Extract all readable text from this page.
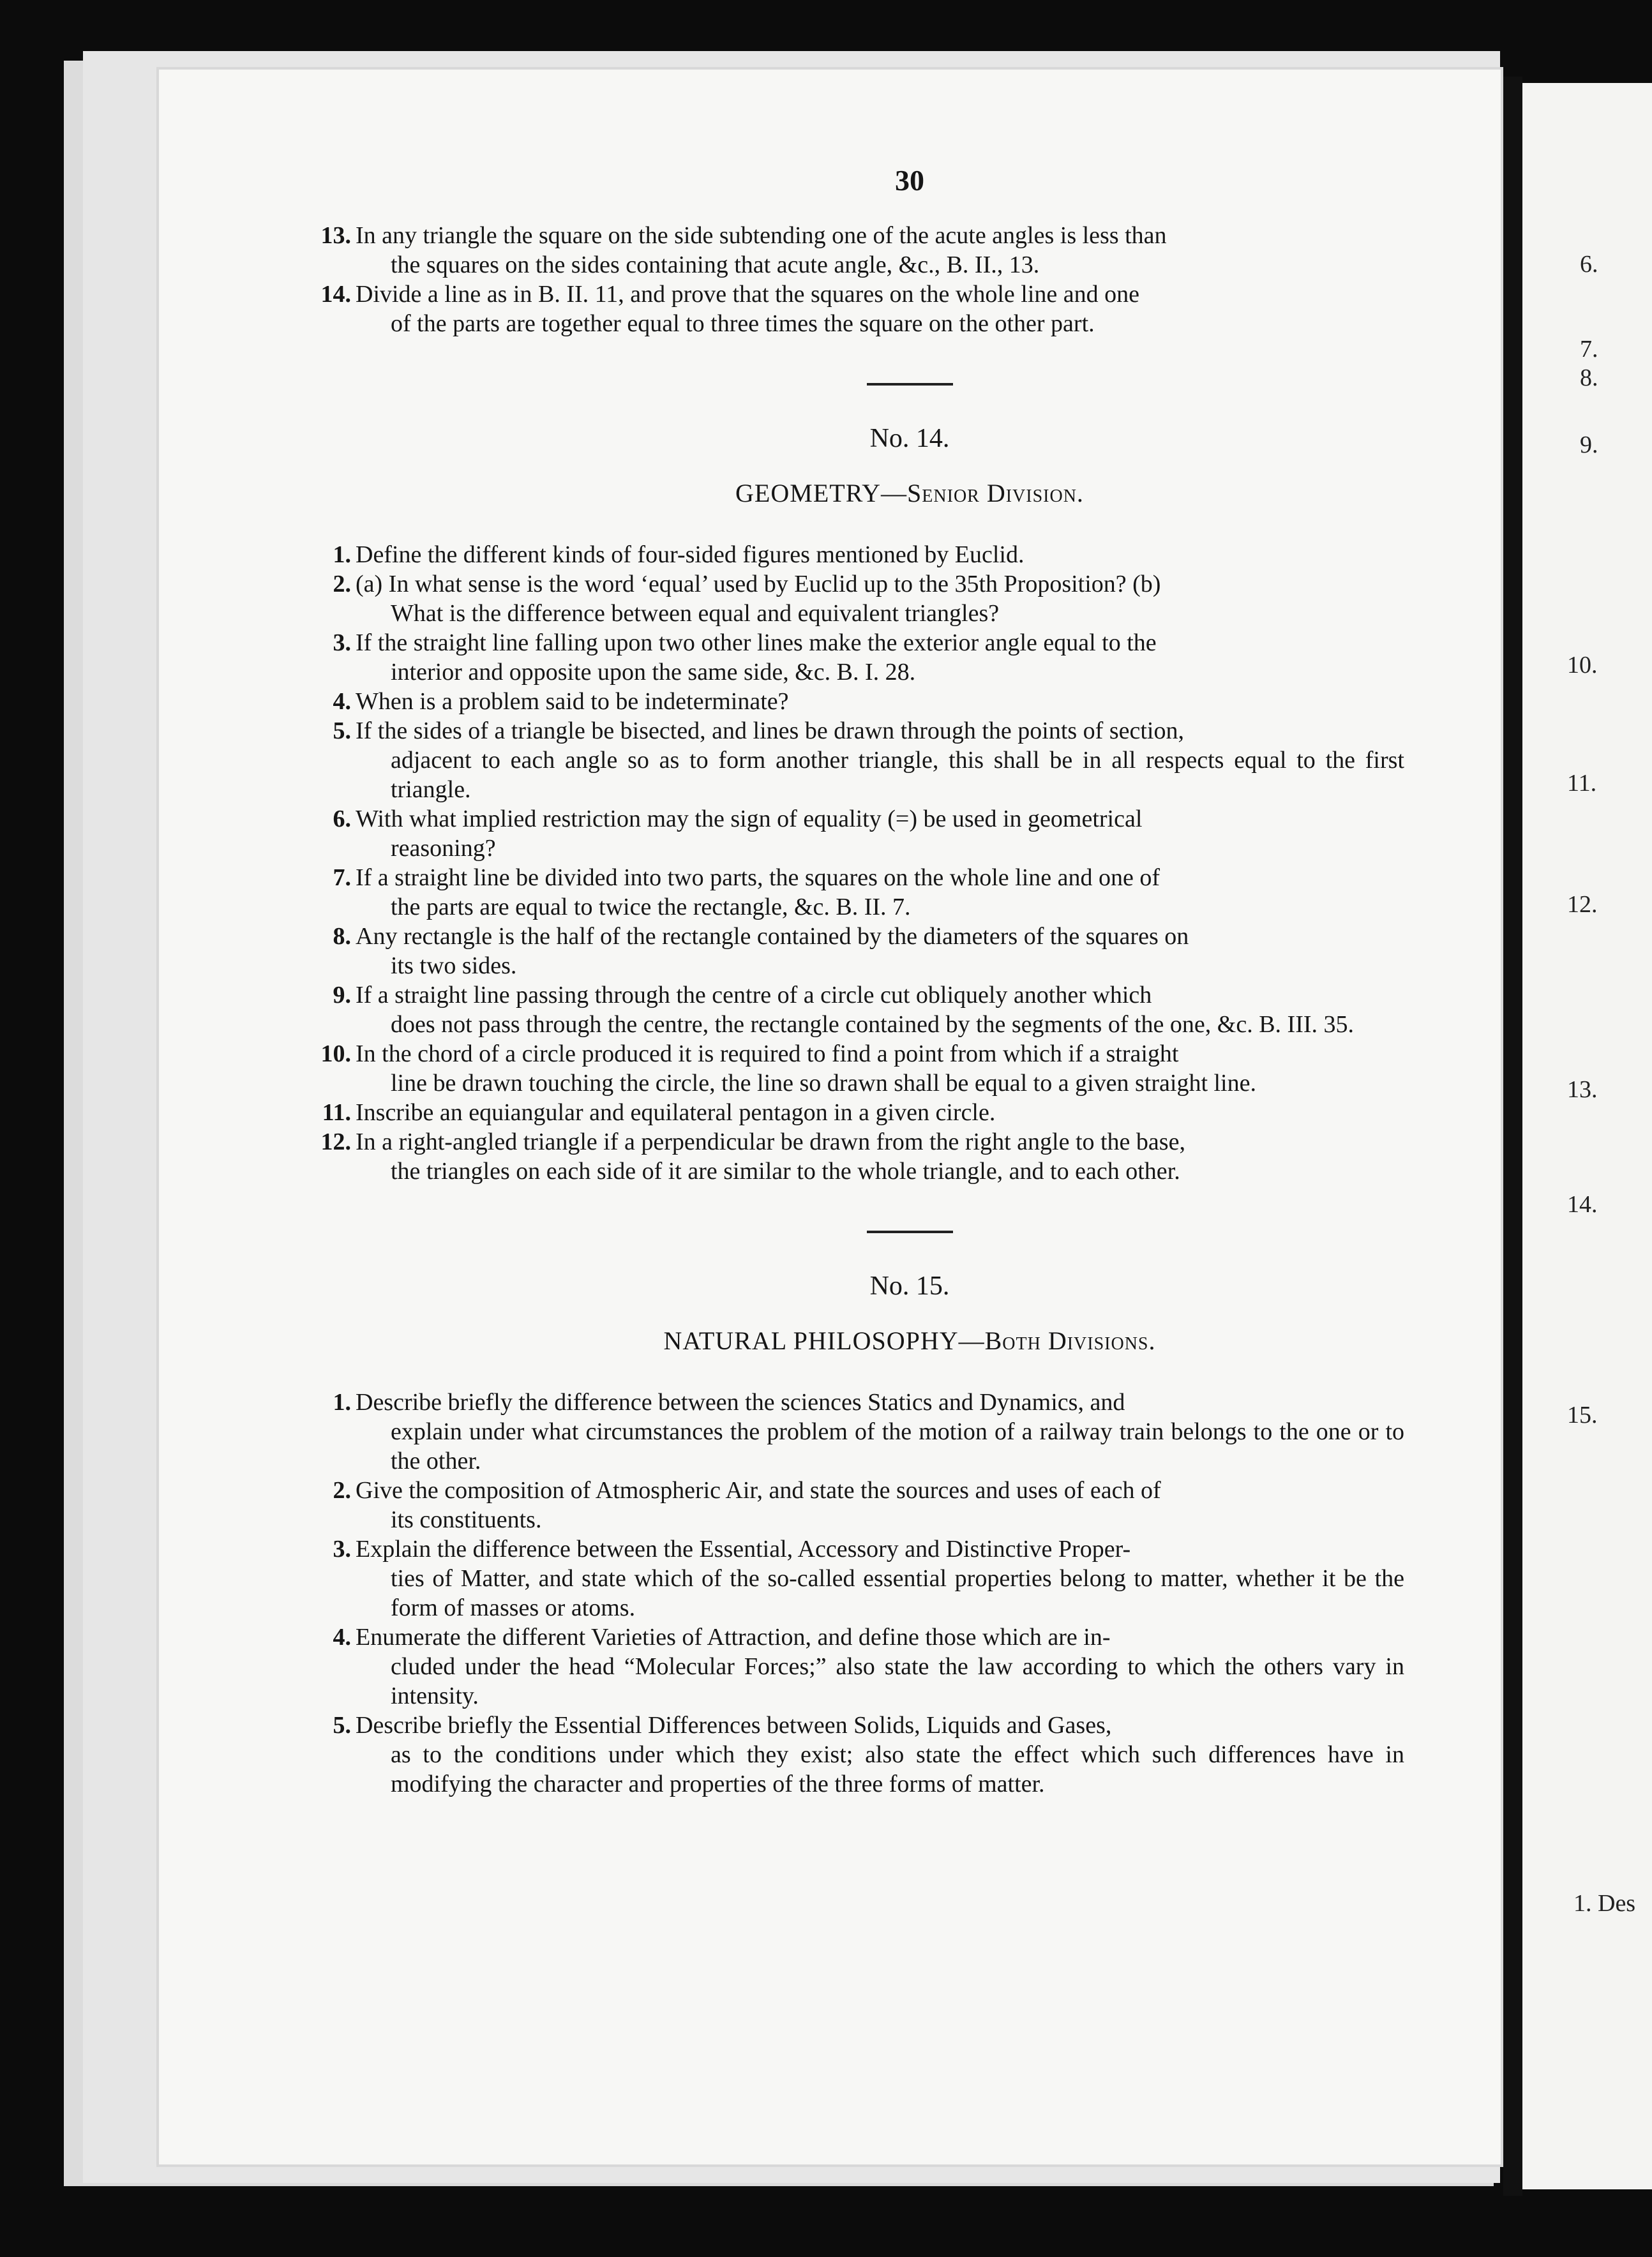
6.
7.
8.
9.
10.
11.
12.
13.
14.
15.
1. Des
30
13. In any triangle the square on the side subtending one of the acute angles is less than
the squares on the sides containing that acute angle, &c., B. II., 13.
14. Divide a line as in B. II. 11, and prove that the squares on the whole line and one
of the parts are together equal to three times the square on the other part.
No. 14.
GEOMETRY—Senior Division.
1. Define the different kinds of four-sided figures mentioned by Euclid.
2. (a) In what sense is the word ‘equal’ used by Euclid up to the 35th Proposition? (b)
What is the difference between equal and equivalent triangles?
3. If the straight line falling upon two other lines make the exterior angle equal to the
interior and opposite upon the same side, &c. B. I. 28.
4. When is a problem said to be indeterminate?
5. If the sides of a triangle be bisected, and lines be drawn through the points of section,
adjacent to each angle so as to form another triangle, this shall be in all respects equal to the first triangle.
6. With what implied restriction may the sign of equality (=) be used in geometrical
reasoning?
7. If a straight line be divided into two parts, the squares on the whole line and one of
the parts are equal to twice the rectangle, &c. B. II. 7.
8. Any rectangle is the half of the rectangle contained by the diameters of the squares on
its two sides.
9. If a straight line passing through the centre of a circle cut obliquely another which
does not pass through the centre, the rectangle contained by the segments of the one, &c. B. III. 35.
10. In the chord of a circle produced it is required to find a point from which if a straight
line be drawn touching the circle, the line so drawn shall be equal to a given straight line.
11. Inscribe an equiangular and equilateral pentagon in a given circle.
12. In a right-angled triangle if a perpendicular be drawn from the right angle to the base,
the triangles on each side of it are similar to the whole triangle, and to each other.
No. 15.
NATURAL PHILOSOPHY—Both Divisions.
1. Describe briefly the difference between the sciences Statics and Dynamics, and
explain under what circumstances the problem of the motion of a railway train belongs to the one or to the other.
2. Give the composition of Atmospheric Air, and state the sources and uses of each of
its constituents.
3. Explain the difference between the Essential, Accessory and Distinctive Proper-
ties of Matter, and state which of the so-called essential properties belong to matter, whether it be the form of masses or atoms.
4. Enumerate the different Varieties of Attraction, and define those which are in-
cluded under the head “Molecular Forces;” also state the law according to which the others vary in intensity.
5. Describe briefly the Essential Differences between Solids, Liquids and Gases,
as to the conditions under which they exist; also state the effect which such differences have in modifying the character and properties of the three forms of matter.
